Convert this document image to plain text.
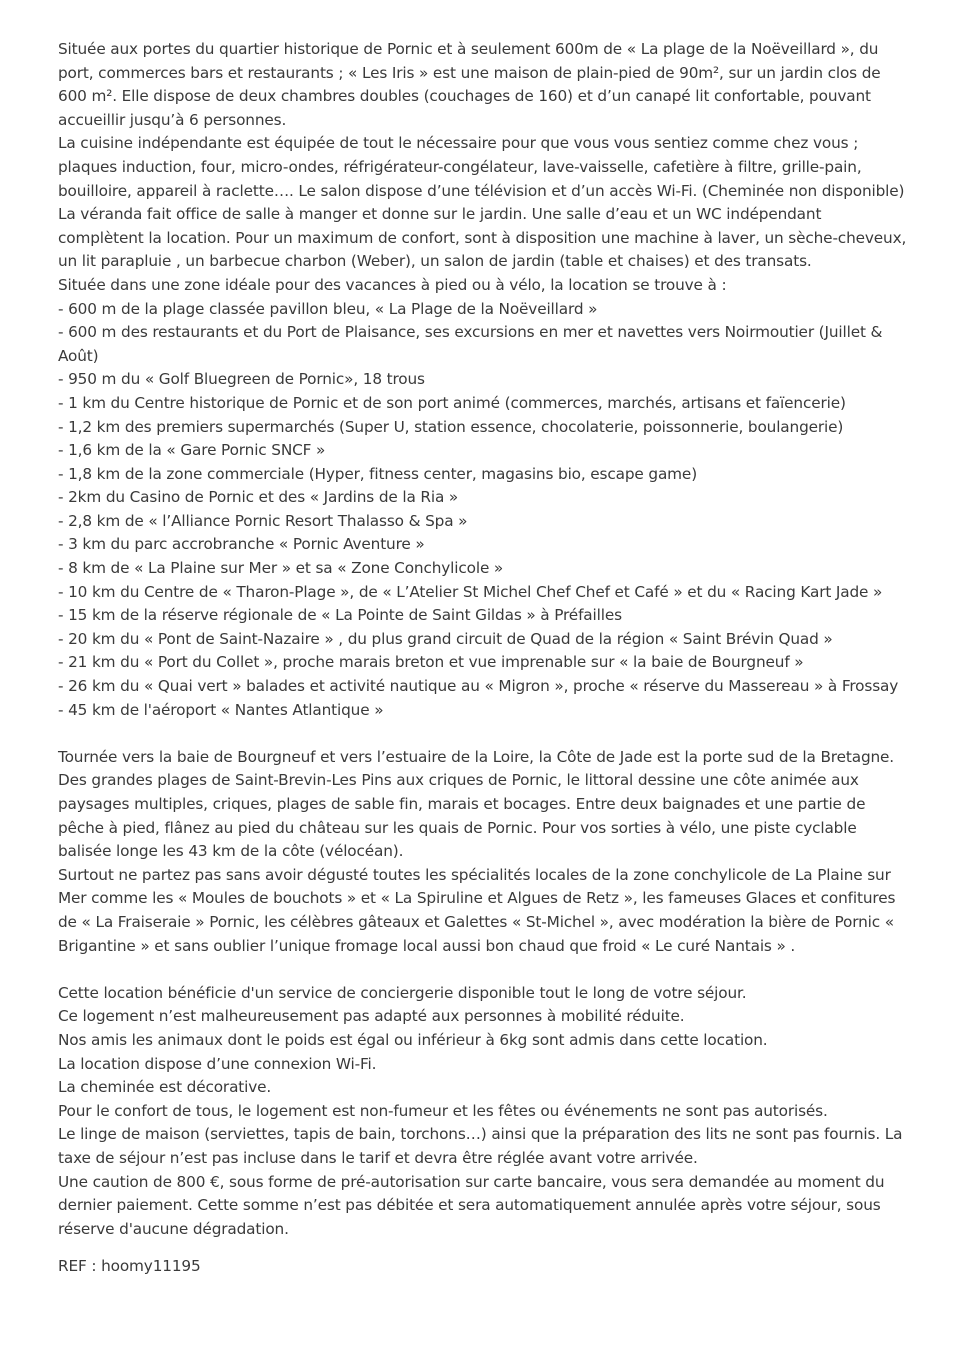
Située aux portes du quartier historique de Pornic et à seulement 600m de « La plage de la Noëveillard », du port, commerces bars et restaurants ; « Les Iris » est une maison de plain-pied de 90m², sur un jardin clos de 600 m². Elle dispose de deux chambres doubles (couchages de 160) et d’un canapé lit confortable, pouvant accueillir jusqu’à 6 personnes.
La cuisine indépendante est équipée de tout le nécessaire pour que vous vous sentiez comme chez vous ; plaques induction, four, micro-ondes, réfrigérateur-congélateur, lave-vaisselle, cafetière à filtre, grille-pain, bouilloire, appareil à raclette…. Le salon dispose d’une télévision et d’un accès Wi-Fi. (Cheminée non disponible)
La véranda fait office de salle à manger et donne sur le jardin. Une salle d’eau et un WC indépendant complètent la location. Pour un maximum de confort, sont à disposition une machine à laver, un sèche-cheveux, un lit parapluie , un barbecue charbon (Weber), un salon de jardin (table et chaises) et des transats.
Située dans une zone idéale pour des vacances à pied ou à vélo, la location se trouve à :

- 600 m de la plage classée pavillon bleu, « La Plage de la Noëveillard »
- 600 m des restaurants et du Port de Plaisance, ses excursions en mer et navettes vers Noirmoutier (Juillet & Août)
- 950 m du « Golf Bluegreen de Pornic», 18 trous
- 1 km du Centre historique de Pornic et de son port animé (commerces, marchés, artisans et faïencerie)
- 1,2 km des premiers supermarchés (Super U, station essence, chocolaterie, poissonnerie, boulangerie)
- 1,6 km de la « Gare Pornic SNCF »
- 1,8 km de la zone commerciale (Hyper, fitness center, magasins bio, escape game)
- 2km du Casino de Pornic et des « Jardins de la Ria »
- 2,8 km de « l’Alliance Pornic Resort Thalasso & Spa »
- 3 km du parc accrobranche « Pornic Aventure »
- 8 km de « La Plaine sur Mer » et sa « Zone Conchylicole »
- 10 km du Centre de « Tharon-Plage », de « L’Atelier St Michel Chef Chef et Café » et du « Racing Kart Jade »
- 15 km de la réserve régionale de « La Pointe de Saint Gildas » à Préfailles
- 20 km du « Pont de Saint-Nazaire » , du plus grand circuit de Quad de la région « Saint Brévin Quad »
- 21 km du « Port du Collet », proche marais breton et vue imprenable sur « la baie de Bourgneuf »
- 26 km du « Quai vert » balades et activité nautique au « Migron », proche « réserve du Massereau » à Frossay
- 45 km de l'aéroport « Nantes Atlantique »

Tournée vers la baie de Bourgneuf et vers l’estuaire de la Loire, la Côte de Jade est la porte sud de la Bretagne. Des grandes plages de Saint-Brevin-Les Pins aux criques de Pornic, le littoral dessine une côte animée aux paysages multiples, criques, plages de sable fin, marais et bocages. Entre deux baignades et une partie de pêche à pied, flânez au pied du château sur les quais de Pornic. Pour vos sorties à vélo, une piste cyclable balisée longe les 43 km de la côte (vélocéan).
Surtout ne partez pas sans avoir dégusté toutes les spécialités locales de la zone conchylicole de La Plaine sur Mer comme les « Moules de bouchots » et « La Spiruline et Algues de Retz », les fameuses Glaces et confitures de « La Fraiseraie » Pornic, les célèbres gâteaux et Galettes « St-Michel », avec modération la bière de Pornic « Brigantine » et sans oublier l’unique fromage local aussi bon chaud que froid « Le curé Nantais » .

Cette location bénéficie d'un service de conciergerie disponible tout le long de votre séjour.
Ce logement n’est malheureusement pas adapté aux personnes à mobilité réduite.
Nos amis les animaux dont le poids est égal ou inférieur à 6kg sont admis dans cette location.
La location dispose d’une connexion Wi-Fi.
La cheminée est décorative.
Pour le confort de tous, le logement est non-fumeur et les fêtes ou événements ne sont pas autorisés.
Le linge de maison (serviettes, tapis de bain, torchons…) ainsi que la préparation des lits ne sont pas fournis. La taxe de séjour n’est pas incluse dans le tarif et devra être réglée avant votre arrivée.
Une caution de 800 €, sous forme de pré-autorisation sur carte bancaire, vous sera demandée au moment du dernier paiement. Cette somme n’est pas débitée et sera automatiquement annulée après votre séjour, sous réserve d'aucune dégradation.

REF : hoomy11195
